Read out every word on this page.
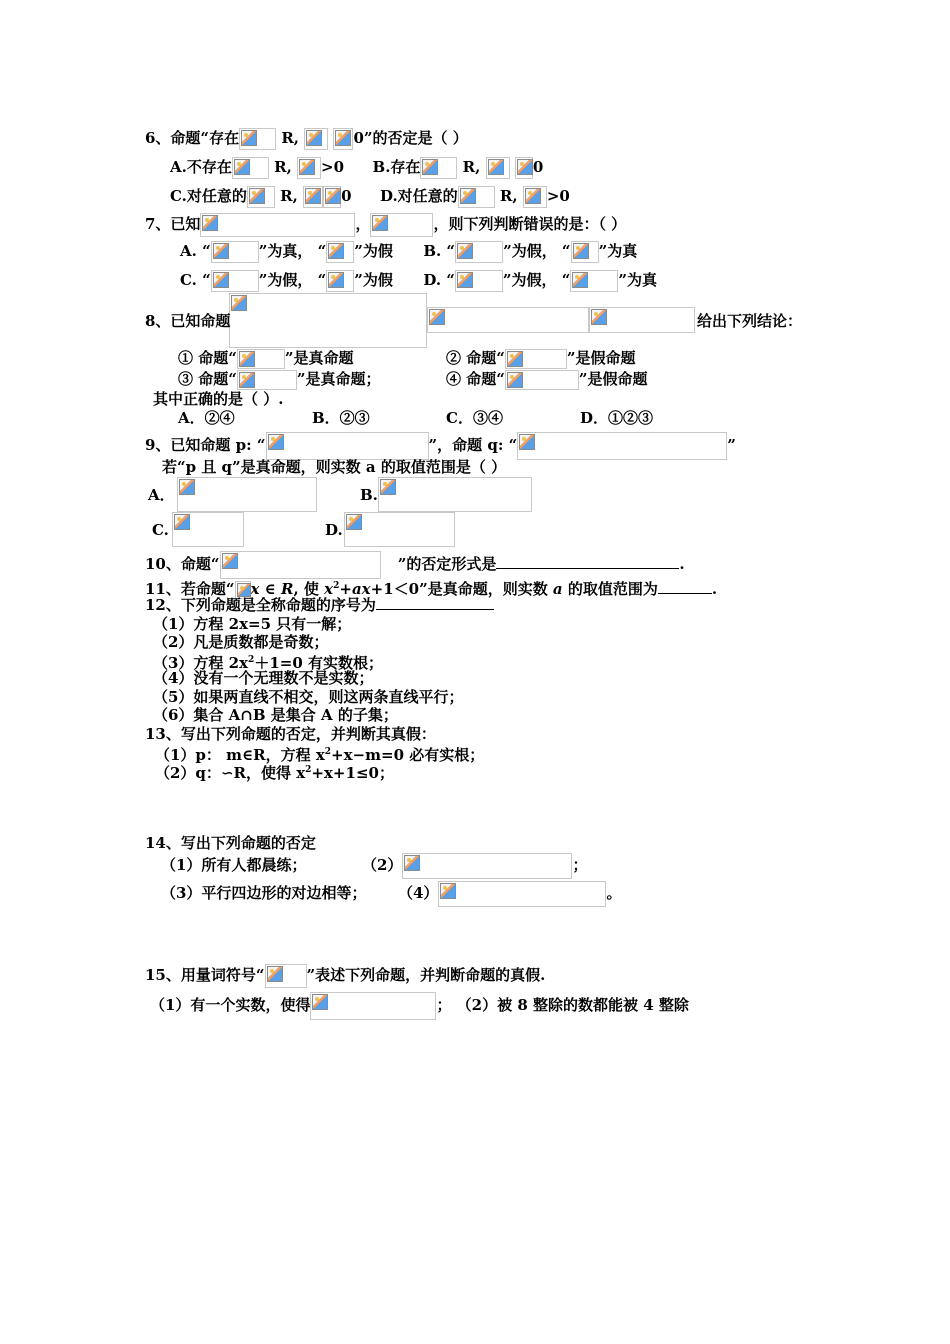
6、命题“存在	R,
	0”的否定是（ ）
A.不存在	R, >0 B.存在	R,
	0
C.对任意的 R,	0 D.对任意的	R, >0
7、已知	，	，则下列判断错误的是：（ ）
A. “	”为真， “ ”为假 B. “	”为假， “ ”为真
C. “	”为假， “ ”为假 D. “	”为假， “	”为真
8、已知命题	给出下列结论：
① 命题“	”是真命题	② 命题“	”是假命题
③ 命题“	”是真命题；	④ 命题“	”是假命题
其中正确的是（ ）.
A．②④	B．②③	C．③④	D．①②③
9、已知命题 p: “	”，命题 q: “	”
若“p 且 q”是真命题，则实数 a 的取值范围是（ ）
A．	B.
C.	D.
10、命题“	”的否定形式是	.
11、若命题“ x ∈ R, 使 $x^2+ax+1<0$”是真命题，则实数 a 的取值范围为	.
12、下列命题是全称命题的序号为
（1）方程 2x=5 只有一解；
（2）凡是质数都是奇数；
（3）方程 $2x^2+1=0$ 有实数根；
（4）没有一个无理数不是实数；
（5）如果两直线不相交，则这两条直线平行；
（6）集合 A∩B 是集合 A 的子集；
13、写出下列命题的否定，并判断其真假：
（1）p： m∈R，方程 $x^2+x-m=0$ 必有实根；
（2）q：∽R，使得 $x^2+x+1\le 0$；
14、写出下列命题的否定
（1）所有人都晨练；	（2）	；
（3）平行四边形的对边相等； （4）	。
15、用量词符号“	”表述下列命题，并判断命题的真假.
（1）有一个实数，使得	； （2）被 8 整除的数都能被 4 整除
